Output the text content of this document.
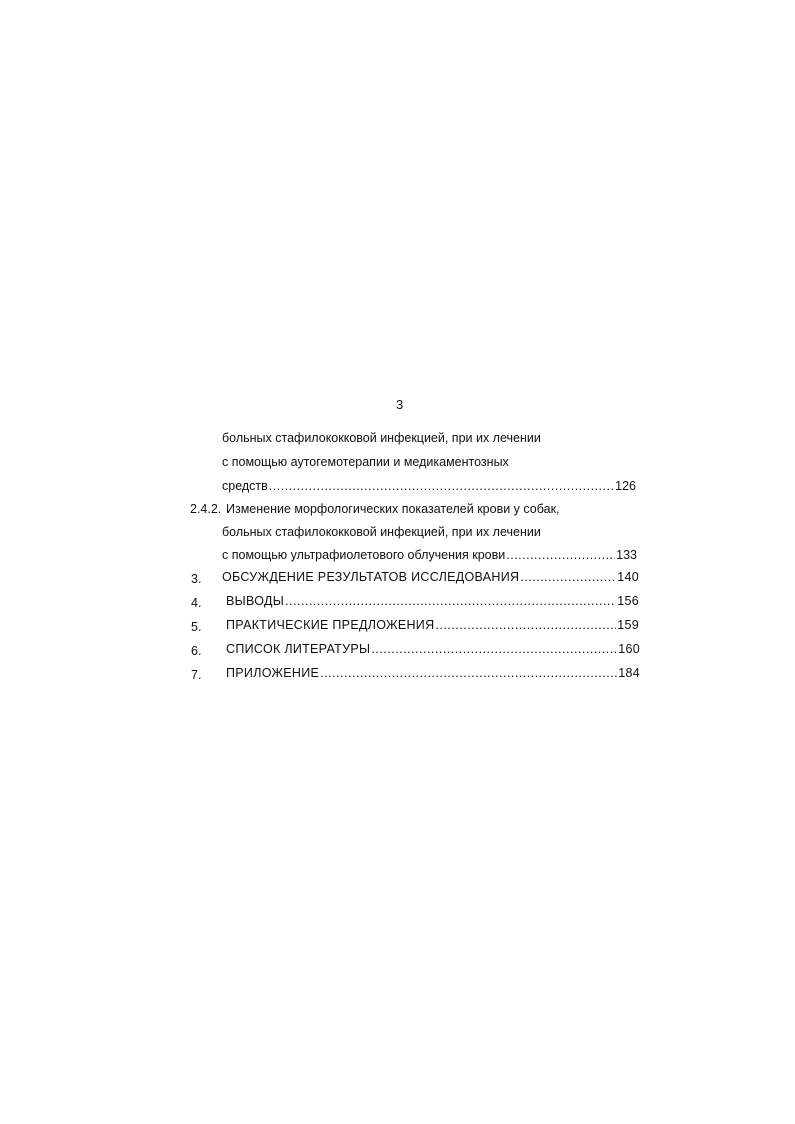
3
больных стафилококковой инфекцией, при их лечении
с помощью аутогемотерапии и медикаментозных
средств .....	126
2.4.2. Изменение морфологических показателей крови у собак,
больных стафилококковой инфекцией, при их лечении
с помощью ультрафиолетового облучения крови .....	133
3. ОБСУЖДЕНИЕ РЕЗУЛЬТАТОВ ИССЛЕДОВАНИЯ .....	140
4. ВЫВОДЫ .....	156
5. ПРАКТИЧЕСКИЕ ПРЕДЛОЖЕНИЯ .....	159
6. СПИСОК ЛИТЕРАТУРЫ .....	160
7. ПРИЛОЖЕНИЕ .....	184
